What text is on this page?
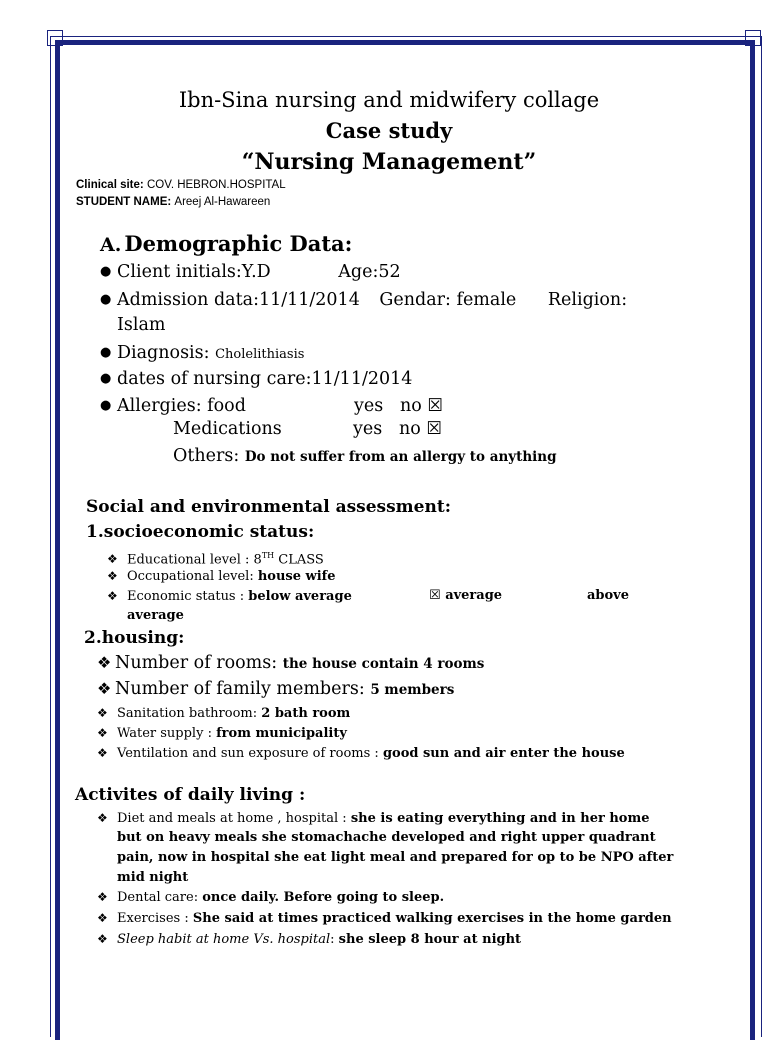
Ibn-Sina nursing and midwifery collage
Case study
“Nursing Management”
Clinical site: COV. HEBRON.HOSPITAL
STUDENT NAME: Areej Al-Hawareen
A. Demographic Data:
● Client initials:Y.D	Age:52
● Admission data:11/11/2014 Gendar: female Religion:
Islam
● Diagnosis: Cholelithiasis
● dates of nursing care:11/11/2014
● Allergies: food	yes no ☒
Medications	yes no ☒
Others: Do not suffer from an allergy to anything
Social and environmental assessment:
1.socioeconomic status:
❖ Educational level : 8TH CLASS
❖ Occupational level: house wife
❖ Economic status : below average	☒ average	above
average
2.housing:
❖ Number of rooms: the house contain 4 rooms
❖ Number of family members: 5 members
❖ Sanitation bathroom: 2 bath room
❖ Water supply : from municipality
❖ Ventilation and sun exposure of rooms : good sun and air enter the house
Activites of daily living :
❖ Diet and meals at home , hospital : she is eating everything and in her home
but on heavy meals she stomachache developed and right upper quadrant
pain, now in hospital she eat light meal and prepared for op to be NPO after
mid night
❖ Dental care: once daily. Before going to sleep.
❖ Exercises : She said at times practiced walking exercises in the home garden
❖ Sleep habit at home Vs. hospital: she sleep 8 hour at night
